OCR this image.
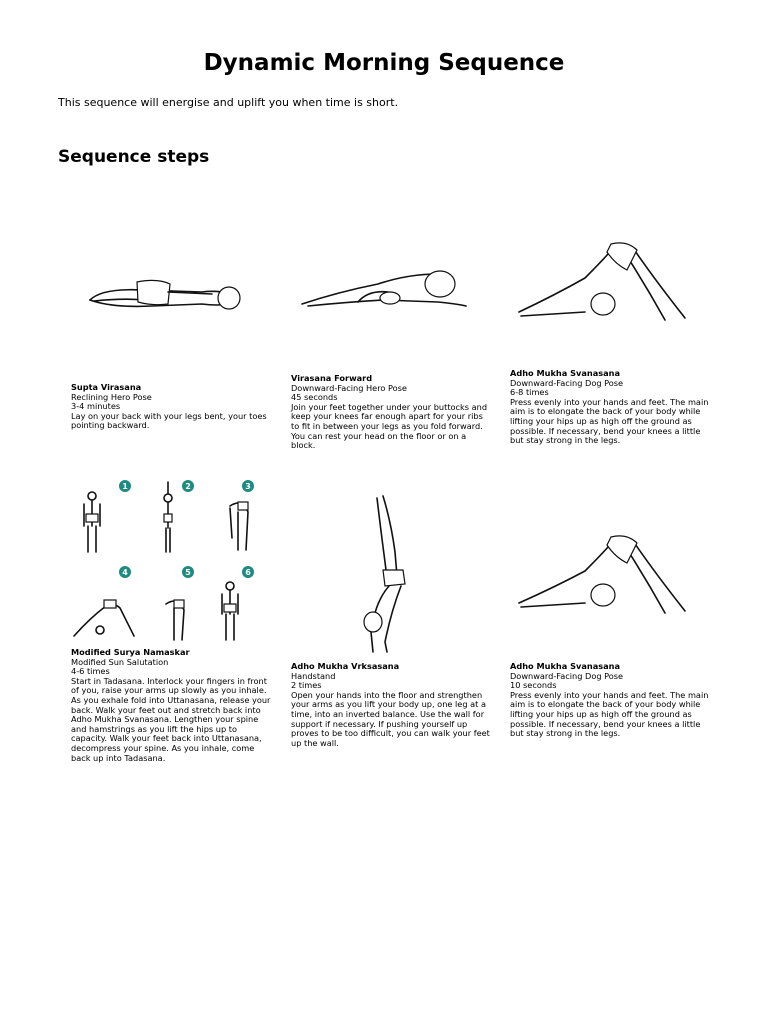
Dynamic Morning Sequence

This sequence will energise and uplift you when time is short.

Sequence steps
1	2	3
4	5	6
Supta Virasana
Reclining Hero Pose
3-4 minutes
Lay on your back with your legs bent, your toes pointing backward.
Virasana Forward
Downward-Facing Hero Pose
45 seconds
Join your feet together under your buttocks and keep your knees far enough apart for your ribs to fit in between your legs as you fold forward. You can rest your head on the floor or on a block.
Adho Mukha Svanasana
Downward-Facing Dog Pose
6-8 times
Press evenly into your hands and feet. The main aim is to elongate the back of your body while lifting your hips up as high off the ground as possible. If necessary, bend your knees a little but stay strong in the legs.
Modified Surya Namaskar
Modified Sun Salutation
4-6 times
Start in Tadasana. Interlock your fingers in front of you, raise your arms up slowly as you inhale. As you exhale fold into Uttanasana, release your back. Walk your feet out and stretch back into Adho Mukha Svanasana. Lengthen your spine and hamstrings as you lift the hips up to capacity. Walk your feet back into Uttanasana, decompress your spine. As you inhale, come back up into Tadasana.
Adho Mukha Vrksasana
Handstand
2 times
Open your hands into the floor and strengthen your arms as you lift your body up, one leg at a time, into an inverted balance. Use the wall for support if necessary. If pushing yourself up proves to be too difficult, you can walk your feet up the wall.
Adho Mukha Svanasana
Downward-Facing Dog Pose
10 seconds
Press evenly into your hands and feet. The main aim is to elongate the back of your body while lifting your hips up as high off the ground as possible. If necessary, bend your knees a little but stay strong in the legs.
